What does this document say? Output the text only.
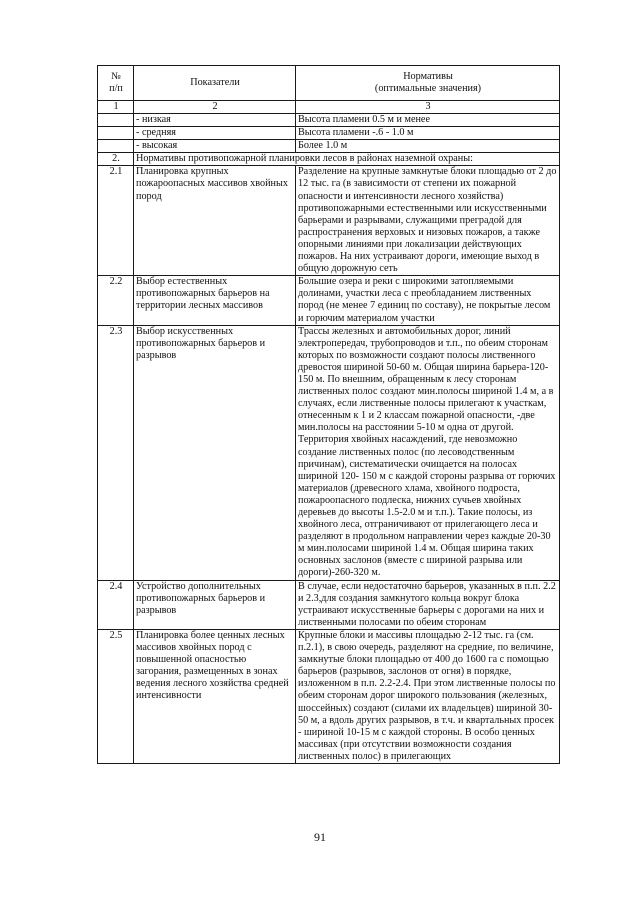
№
п/п	Показатели	Нормативы
(оптимальные значения)
1	2	3
	- низкая	Высота пламени 0.5 м и менее
	- средняя	Высота пламени -.6 - 1.0 м
	- высокая	Более 1.0 м
2.	Нормативы противопожарной планировки лесов в районах наземной охраны:	
2.1	Планировка крупных пожароопасных массивов хвойных пород	Разделение на крупные замкнутые блоки площадью от 2 до 12 тыс. га (в зависимости от степени их пожарной опасности и интенсивности лесного хозяйства) противопожарными естественными или искусственными барьерами и разрывами, служащими преградой для распространения верховых и низовых пожаров, а также опорными линиями при локализации действующих пожаров. На них устраивают дороги, имеющие выход в общую дорожную сеть
2.2	Выбор естественных противопожарных барьеров на территории лесных массивов	Большие озера и реки с широкими затопляемыми долинами, участки леса с преобладанием лиственных пород (не менее 7 единиц по составу), не покрытые лесом и горючим материалом участки
2.3	Выбор искусственных противопожарных барьеров и разрывов	Трассы железных и автомобильных дорог, линий электропередач, трубопроводов и т.п., по обеим сторонам которых по возможности создают полосы лиственного древостоя шириной 50-60 м. Общая ширина барьера-120-150 м. По внешним, обращенным к лесу сторонам лиственных полос создают мин.полосы шириной 1.4 м, а в случаях, если лиственные полосы прилегают к участкам, отнесенным к 1 и 2 классам пожарной опасности, -две мин.полосы на расстоянии 5-10 м одна от другой. Территория хвойных насаждений, где невозможно создание лиственных полос (по лесоводственным причинам), систематически очищается на полосах шириной 120- 150 м с каждой стороны разрыва от горючих материалов (древесного хлама, хвойного подроста, пожароопасного подлеска, нижних сучьев хвойных деревьев до высоты 1.5-2.0 м и т.п.). Такие полосы, из хвойного леса, отграничивают от прилегающего леса и разделяют в продольном направлении через каждые 20-30 м мин.полосами шириной 1.4 м. Общая ширина таких основных заслонов (вместе с шириной разрыва или дороги)-260-320 м.
2.4	Устройство дополнительных противопожарных барьеров и разрывов	В случае, если недостаточно барьеров, указанных в п.п. 2.2 и 2.3,для создания замкнутого кольца вокруг блока устраивают искусственные барьеры с дорогами на них и лиственными полосами по обеим сторонам
2.5	Планировка более ценных лесных массивов хвойных пород с повышенной опасностью загорания, размещенных в зонах ведения лесного хозяйства средней интенсивности	Крупные блоки и массивы площадью 2-12 тыс. га (см. п.2.1), в свою очередь, разделяют на средние, по величине, замкнутые блоки площадью от 400 до 1600 га с помощью барьеров (разрывов, заслонов от огня) в порядке, изложенном в п.п. 2.2-2.4. При этом лиственные полосы по обеим сторонам дорог широкого пользования (железных, шоссейных) создают (силами их владельцев) шириной 30-50 м, а вдоль других разрывов, в т.ч. и квартальных просек - шириной 10-15 м с каждой стороны. В особо ценных массивах (при отсутствии возможности создания лиственных полос) в прилегающих
91
